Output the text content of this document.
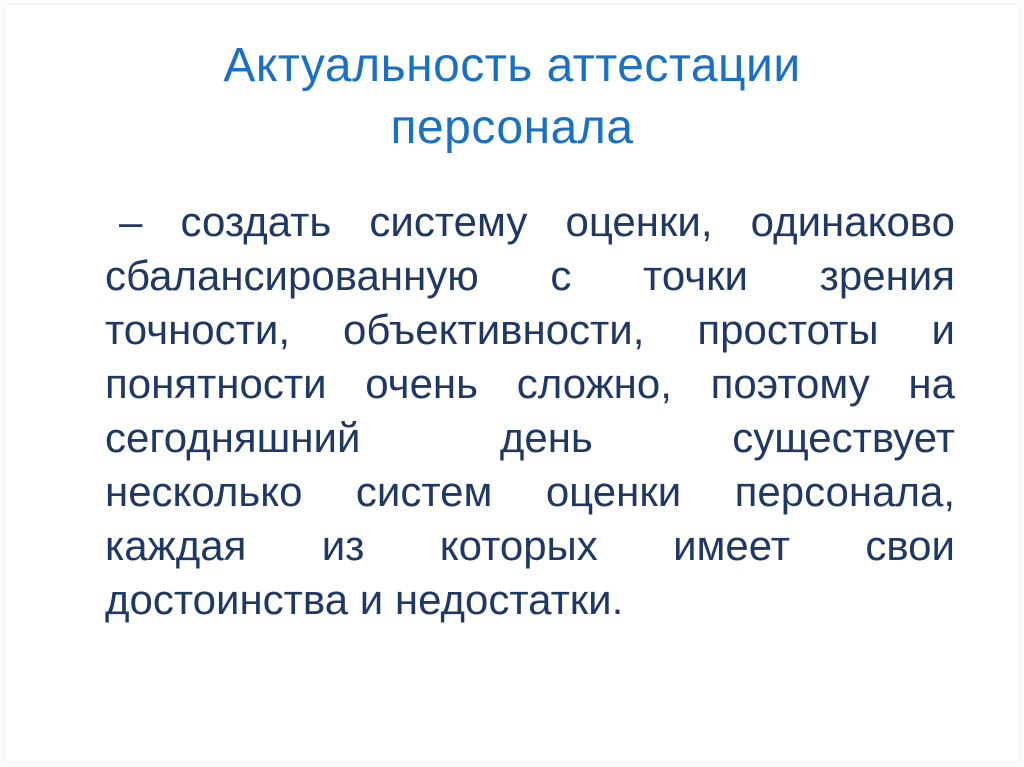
Актуальность аттестации персонала
– создать систему оценки, одинаково
сбалансированную с точки зрения
точности, объективности, простоты и
понятности очень сложно, поэтому на
сегодняшний день существует
несколько систем оценки персонала,
каждая из которых имеет свои
достоинства и недостатки.
